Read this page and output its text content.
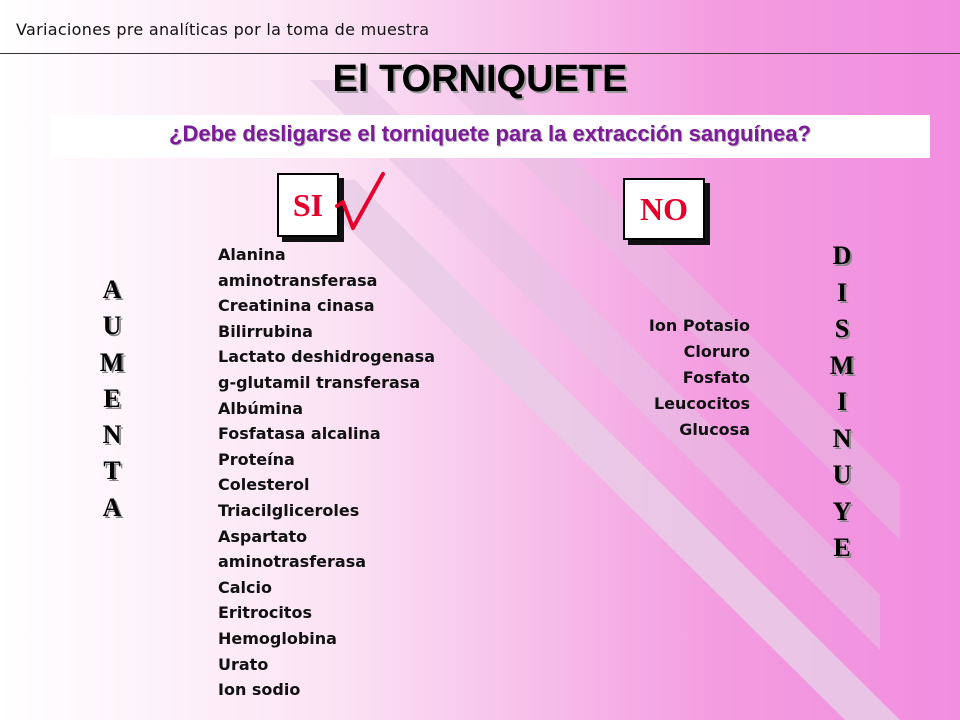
Variaciones pre analíticas por la toma de muestra
El TORNIQUETE
¿Debe desligarse el torniquete para la extracción sanguínea?
SI	NO
A
U
M
E
N
T
A
D
I
S
M
I
N
U
Y
E
Alanina
aminotransferasa
Creatinina cinasa
Bilirrubina
Lactato deshidrogenasa
g-glutamil transferasa
Albúmina
Fosfatasa alcalina
Proteína
Colesterol
Triacilgliceroles
Aspartato
aminotrasferasa
Calcio
Eritrocitos
Hemoglobina
Urato
Ion sodio
Ion Potasio
Cloruro
Fosfato
Leucocitos
Glucosa
